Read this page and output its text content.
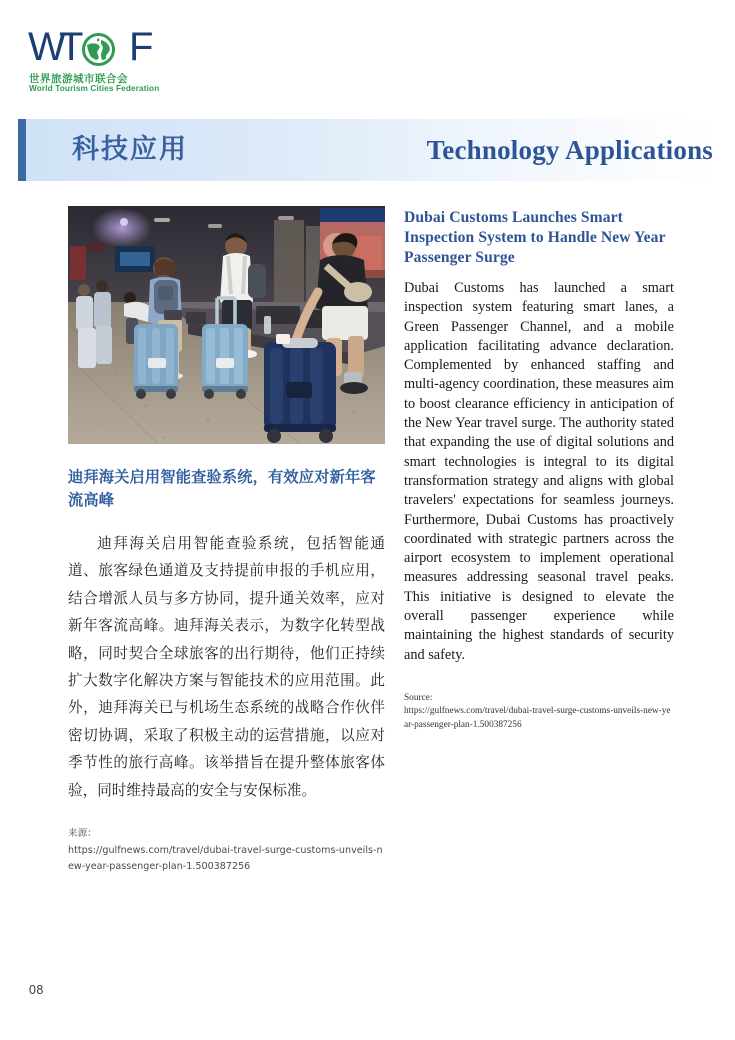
W
T F
世界旅游城市联合会
World Tourism Cities Federation
科技应用	Technology Applications
迪拜海关启用智能查验系统，有效应对新年客流高峰
迪拜海关启用智能查验系统，包括智能通道、旅客绿色通道及支持提前申报的手机应用，结合增派人员与多方协同，提升通关效率，应对新年客流高峰。迪拜海关表示，为数字化转型战略，同时契合全球旅客的出行期待，他们正持续扩大数字化解决方案与智能技术的应用范围。此外，迪拜海关已与机场生态系统的战略合作伙伴密切协调，采取了积极主动的运营措施，以应对季节性的旅行高峰。该举措旨在提升整体旅客体验，同时维持最高的安全与安保标准。
来源：
https://gulfnews.com/travel/dubai-travel-surge-customs-unveils-new-year-passenger-plan-1.500387256
Dubai Customs Launches Smart Inspection System to Handle New Year Passenger Surge
Dubai Customs has launched a smart inspection system featuring smart lanes, a Green Passenger Channel, and a mobile application facilitating advance declaration. Complemented by enhanced staffing and multi-agency coordination, these measures aim to boost clearance efficiency in anticipation of the New Year travel surge. The authority stated that expanding the use of digital solutions and smart technologies is integral to its digital transformation strategy and aligns with global travelers' expectations for seamless journeys. Furthermore, Dubai Customs has proactively coordinated with strategic partners across the airport ecosystem to implement operational measures addressing seasonal travel peaks. This initiative is designed to elevate the overall passenger experience while maintaining the highest standards of security and safety.
Source:
https://gulfnews.com/travel/dubai-travel-surge-customs-unveils-new-year-passenger-plan-1.500387256
08
